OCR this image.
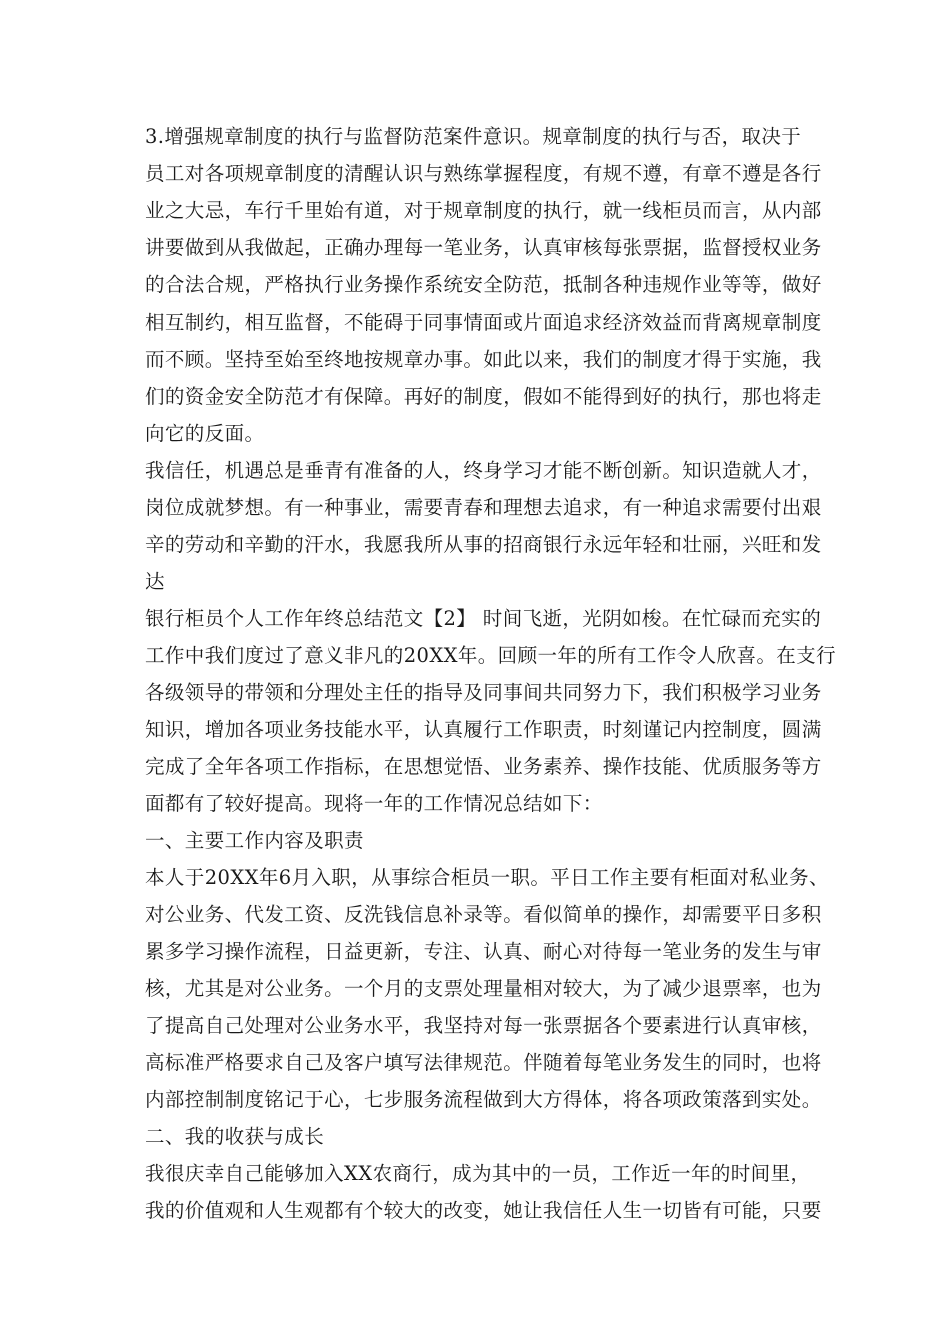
3.增强规章制度的执行与监督防范案件意识。规章制度的执行与否，取决于
员工对各项规章制度的清醒认识与熟练掌握程度，有规不遵，有章不遵是各行
业之大忌，车行千里始有道，对于规章制度的执行，就一线柜员而言，从内部
讲要做到从我做起，正确办理每一笔业务，认真审核每张票据，监督授权业务
的合法合规，严格执行业务操作系统安全防范，抵制各种违规作业等等，做好
相互制约，相互监督，不能碍于同事情面或片面追求经济效益而背离规章制度
而不顾。坚持至始至终地按规章办事。如此以来，我们的制度才得于实施，我
们的资金安全防范才有保障。再好的制度，假如不能得到好的执行，那也将走
向它的反面。
我信任，机遇总是垂青有准备的人，终身学习才能不断创新。知识造就人才，
岗位成就梦想。有一种事业，需要青春和理想去追求，有一种追求需要付出艰
辛的劳动和辛勤的汗水，我愿我所从事的招商银行永远年轻和壮丽，兴旺和发
达
银行柜员个人工作年终总结范文【2】 时间飞逝，光阴如梭。在忙碌而充实的
工作中我们度过了意义非凡的20XX年。回顾一年的所有工作令人欣喜。在支行
各级领导的带领和分理处主任的指导及同事间共同努力下，我们积极学习业务
知识，增加各项业务技能水平，认真履行工作职责，时刻谨记内控制度，圆满
完成了全年各项工作指标，在思想觉悟、业务素养、操作技能、优质服务等方
面都有了较好提高。现将一年的工作情况总结如下：
一、主要工作内容及职责
本人于20XX年6月入职，从事综合柜员一职。平日工作主要有柜面对私业务、
对公业务、代发工资、反洗钱信息补录等。看似简单的操作，却需要平日多积
累多学习操作流程，日益更新，专注、认真、耐心对待每一笔业务的发生与审
核，尤其是对公业务。一个月的支票处理量相对较大，为了减少退票率，也为
了提高自己处理对公业务水平，我坚持对每一张票据各个要素进行认真审核，
高标准严格要求自己及客户填写法律规范。伴随着每笔业务发生的同时，也将
内部控制制度铭记于心，七步服务流程做到大方得体，将各项政策落到实处。
二、我的收获与成长
我很庆幸自己能够加入XX农商行，成为其中的一员，工作近一年的时间里，
我的价值观和人生观都有个较大的改变，她让我信任人生一切皆有可能，只要
